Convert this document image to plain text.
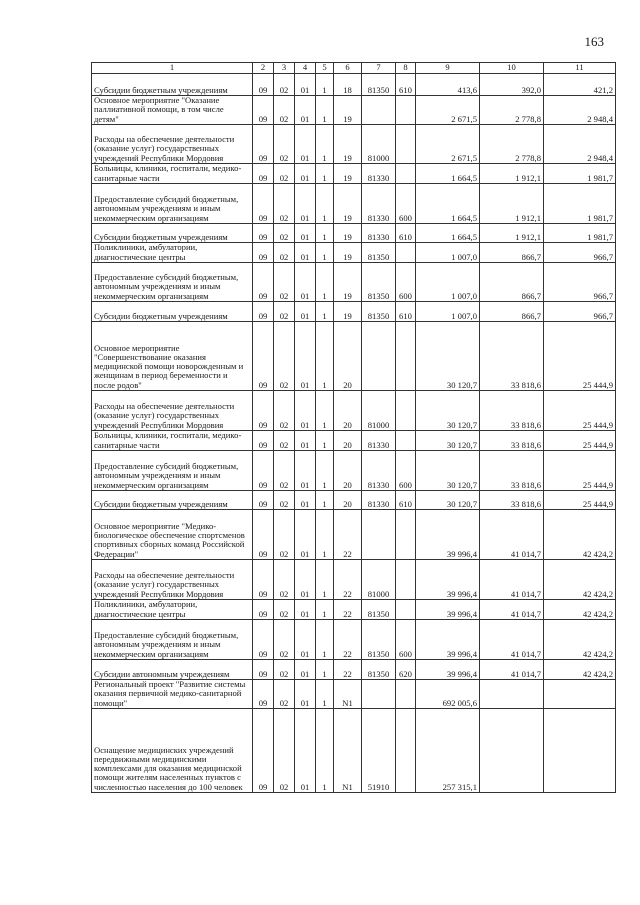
163
1	2	3	4	5	6	7	8	9	10	11
Субсидии бюджетным учреждениям	09	02	01	1	18	81350	610	413,6	392,0	421,2
Основное мероприятие "Оказание паллиативной помощи, в том числе детям"	09	02	01	1	19			2 671,5	2 778,8	2 948,4
Расходы на обеспечение деятельности (оказание услуг) государственных учреждений Республики Мордовия	09	02	01	1	19	81000		2 671,5	2 778,8	2 948,4
Больницы, клиники, госпитали, медико-санитарные части	09	02	01	1	19	81330		1 664,5	1 912,1	1 981,7
Предоставление субсидий бюджетным, автономным учреждениям и иным некоммерческим организациям	09	02	01	1	19	81330	600	1 664,5	1 912,1	1 981,7
Субсидии бюджетным учреждениям	09	02	01	1	19	81330	610	1 664,5	1 912,1	1 981,7
Поликлиники, амбулатории, диагностические центры	09	02	01	1	19	81350		1 007,0	866,7	966,7
Предоставление субсидий бюджетным, автономным учреждениям и иным некоммерческим организациям	09	02	01	1	19	81350	600	1 007,0	866,7	966,7
Субсидии бюджетным учреждениям	09	02	01	1	19	81350	610	1 007,0	866,7	966,7
Основное мероприятие "Совершенствование оказания медицинской помощи новорожденным и женщинам в период беременности и после родов"	09	02	01	1	20			30 120,7	33 818,6	25 444,9
Расходы на обеспечение деятельности (оказание услуг) государственных учреждений Республики Мордовия	09	02	01	1	20	81000		30 120,7	33 818,6	25 444,9
Больницы, клиники, госпитали, медико-санитарные части	09	02	01	1	20	81330		30 120,7	33 818,6	25 444,9
Предоставление субсидий бюджетным, автономным учреждениям и иным некоммерческим организациям	09	02	01	1	20	81330	600	30 120,7	33 818,6	25 444,9
Субсидии бюджетным учреждениям	09	02	01	1	20	81330	610	30 120,7	33 818,6	25 444,9
Основное мероприятие "Медико-биологическое обеспечение спортсменов спортивных сборных команд Российской Федерации"	09	02	01	1	22			39 996,4	41 014,7	42 424,2
Расходы на обеспечение деятельности (оказание услуг) государственных учреждений Республики Мордовия	09	02	01	1	22	81000		39 996,4	41 014,7	42 424,2
Поликлиники, амбулатории, диагностические центры	09	02	01	1	22	81350		39 996,4	41 014,7	42 424,2
Предоставление субсидий бюджетным, автономным учреждениям и иным некоммерческим организациям	09	02	01	1	22	81350	600	39 996,4	41 014,7	42 424,2
Субсидии автономным учреждениям	09	02	01	1	22	81350	620	39 996,4	41 014,7	42 424,2
Региональный проект "Развитие системы оказания первичной медико-санитарной помощи"	09	02	01	1	N1			692 005,6		
Оснащение медицинских учреждений передвижными медицинскими комплексами для оказания медицинской помощи жителям населенных пунктов с численностью населения до 100 человек	09	02	01	1	N1	51910		257 315,1		
